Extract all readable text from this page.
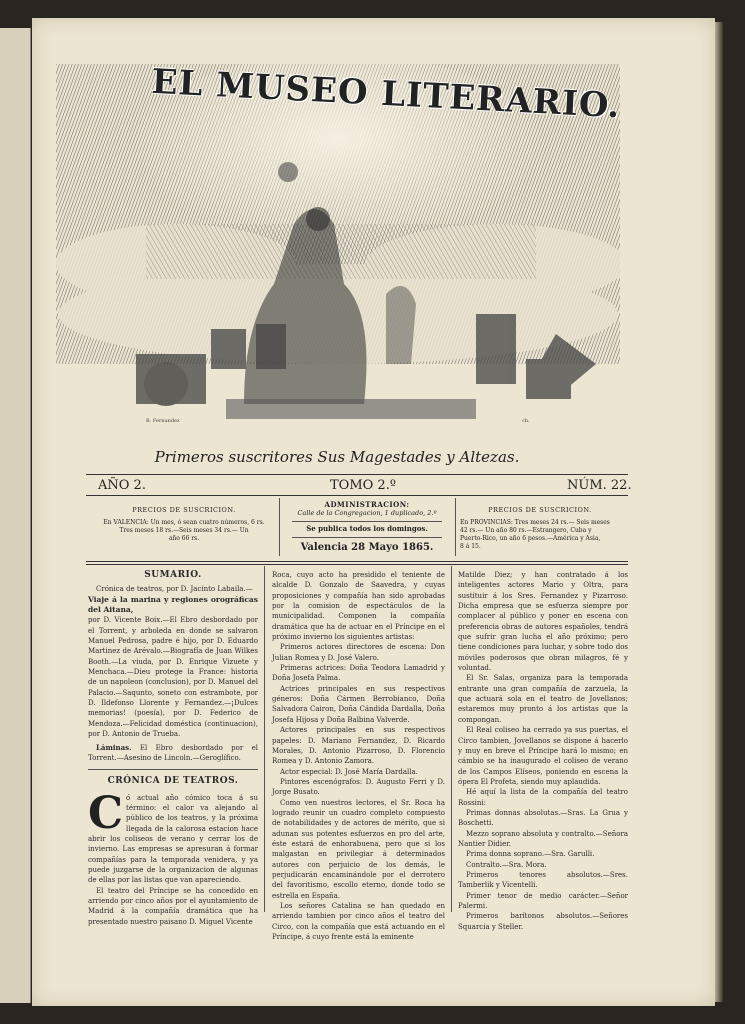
EL MUSEO LITERARIO.
B. Fernandez	ch.
Primeros suscritores Sus Magestades y Altezas.
AÑO 2.	TOMO 2.º	NÚM. 22.
PRECIOS DE SUSCRICION.
En VALENCIA: Un mes, ó sean cuatro números, 6 rs.
Tres meses 18 rs.—Seis meses 34 rs.— Un
año 66 rs.
ADMINISTRACION:
Calle de la Congregacion, 1 duplicado, 2.º
Se publica todos los domingos.
Valencia 28 Mayo 1865.
PRECIOS DE SUSCRICION.
En PROVINCIAS: Tres meses 24 rs.— Seis meses
42 rs.— Un año 80 rs.—Estrangero, Cuba y
Puerto-Rico, un año 6 pesos.—América y Asia,
8 á 15.

SUMARIO.

Crónica de teatros, por D. Jacinto Labaila.—

Viaje á la marina y regiones orográficas del Aitana,

por D. Vicente Boix.—El Ebro desbordado por el Torrent, y arboleda en donde se salvaron Manuel Pedrosa, padre é hijo, por D. Eduardo Martinez de Arévalo.—Biografía de Juan Wilkes Booth.—La viuda, por D. Enrique Vizuete y Menchaca.—Dieu protege la France: historia de un napoleon (conclusion), por D. Manuel del Palacio.—Saqunto, soneto con estrambote, por D. Ildefonso Llorente y Fernandez.—¡Dulces memorias! (poesía), por D. Federico de Mendoza.—Felicidad doméstica (continuacion), por D. Antonio de Trueba.

Láminas. El Ebro desbordado por el Torrent.—Asesino de Lincoln.—Geroglífico.

CRÓNICA DE TEATROS.

Có actual año cómico toca á su término: el calor va alejando al público de los teatros, y la próxima llegada de la calorosa estacion hace abrir los coliseos de verano y cerrar los de invierno. Las empresas se apresuran á formar compañías para la temporada venidera, y ya puede juzgarse de la organizacion de algunas de ellas por las listas que van apareciendo.

El teatro del Príncipe se ha concedido en arriendo por cinco años por el ayuntamiento de Madrid á la compañía dramática que ha presentado nuestro paisano D. Miguel Vicente

Roca, cuyo acto ha presidido el teniente de alcalde D. Gonzalo de Saavedra, y cuyas proposiciones y compañía han sido aprobadas por la comision de espectáculos de la municipalidad. Componen la compañía dramática que ha de actuar en el Príncipe en el próximo invierno los siguientes artistas:

Primeros actores directores de escena: Don Julian Romea y D. José Valero.

Primeras actrices: Doña Teodora Lamadrid y Doña Josefa Palma.

Actrices principales en sus respectivos géneros: Doña Cármen Berrobianco, Doña Salvadora Cairon, Doña Cándida Dardalla, Doña Josefa Hijosa y Doña Balbina Valverde.

Actores principales en sus respectivos papeles: D. Mariano Fernandez, D. Ricardo Morales, D. Antonio Pizarroso, D. Florencio Romea y D. Antonio Zamora.

Actor especial: D. José María Dardalla.

Pintores escenógrafos: D. Augusto Ferri y D. Jorge Busato.

Como ven nuestros lectores, el Sr. Roca ha logrado reunir un cuadro completo compuesto de notabilidades y de actores de mérito, que si adunan sus potentes esfuerzos en pro del arte, éste estará de enhorabuena, pero que si los malgastan en privilegiar á determinados autores con perjuicio de los demás, le perjudicarán encaminándole por el derrotero del favoritismo, escollo eterno, donde todo se estrella en España.

Los señores Catalina se han quedado en arriendo tambien por cinco años el teatro del Circo, con la compañía que está actuando en el Príncipe, á cuyo frente está la eminente

Matilde Diez; y han contratado á los inteligentes actores Mario y Oltra, para sustituir á los Sres. Fernandez y Pizarroso. Dicha empresa que se esfuerza siempre por complacer al público y poner en escena con preferencia obras de autores españoles, tendrá que sufrir gran lucha el año próximo; pero tiene condiciones para luchar, y sobre todo dos móviles poderosos que obran milagros, fé y voluntad.

El Sr. Salas, organiza para la temporada entrante una gran compañía de zarzuela, la que actuará sola en el teatro de Jovellanos; estaremos muy pronto á los artistas que la compongan.

El Real coliseo ha cerrado ya sus puertas, el Circo tambien, Jovellanos se dispone á hacerlo y muy en breve el Príncipe hará lo mismo; en cámbio se ha inaugurado el coliseo de verano de los Campos Elíseos, poniendo en escena la ópera El Profeta, siendo muy aplaudida.

Hé aquí la lista de la compañía del teatro Rossini:

Primas donnas absolutas.—Sras. La Grua y Boschetti.

Mezzo soprano absoluta y contralto.—Señora Nantier Didier.

Prima donna soprano.—Sra. Garulli.

Contralto.—Sra. Mora.

Primeros tenores absolutos.—Sres. Tamberlik y Vicentelli.

Primer tenor de medio carácter.—Señor Palermi.

Primeros barítonos absolutos.—Señores Squarcia y Steller.
